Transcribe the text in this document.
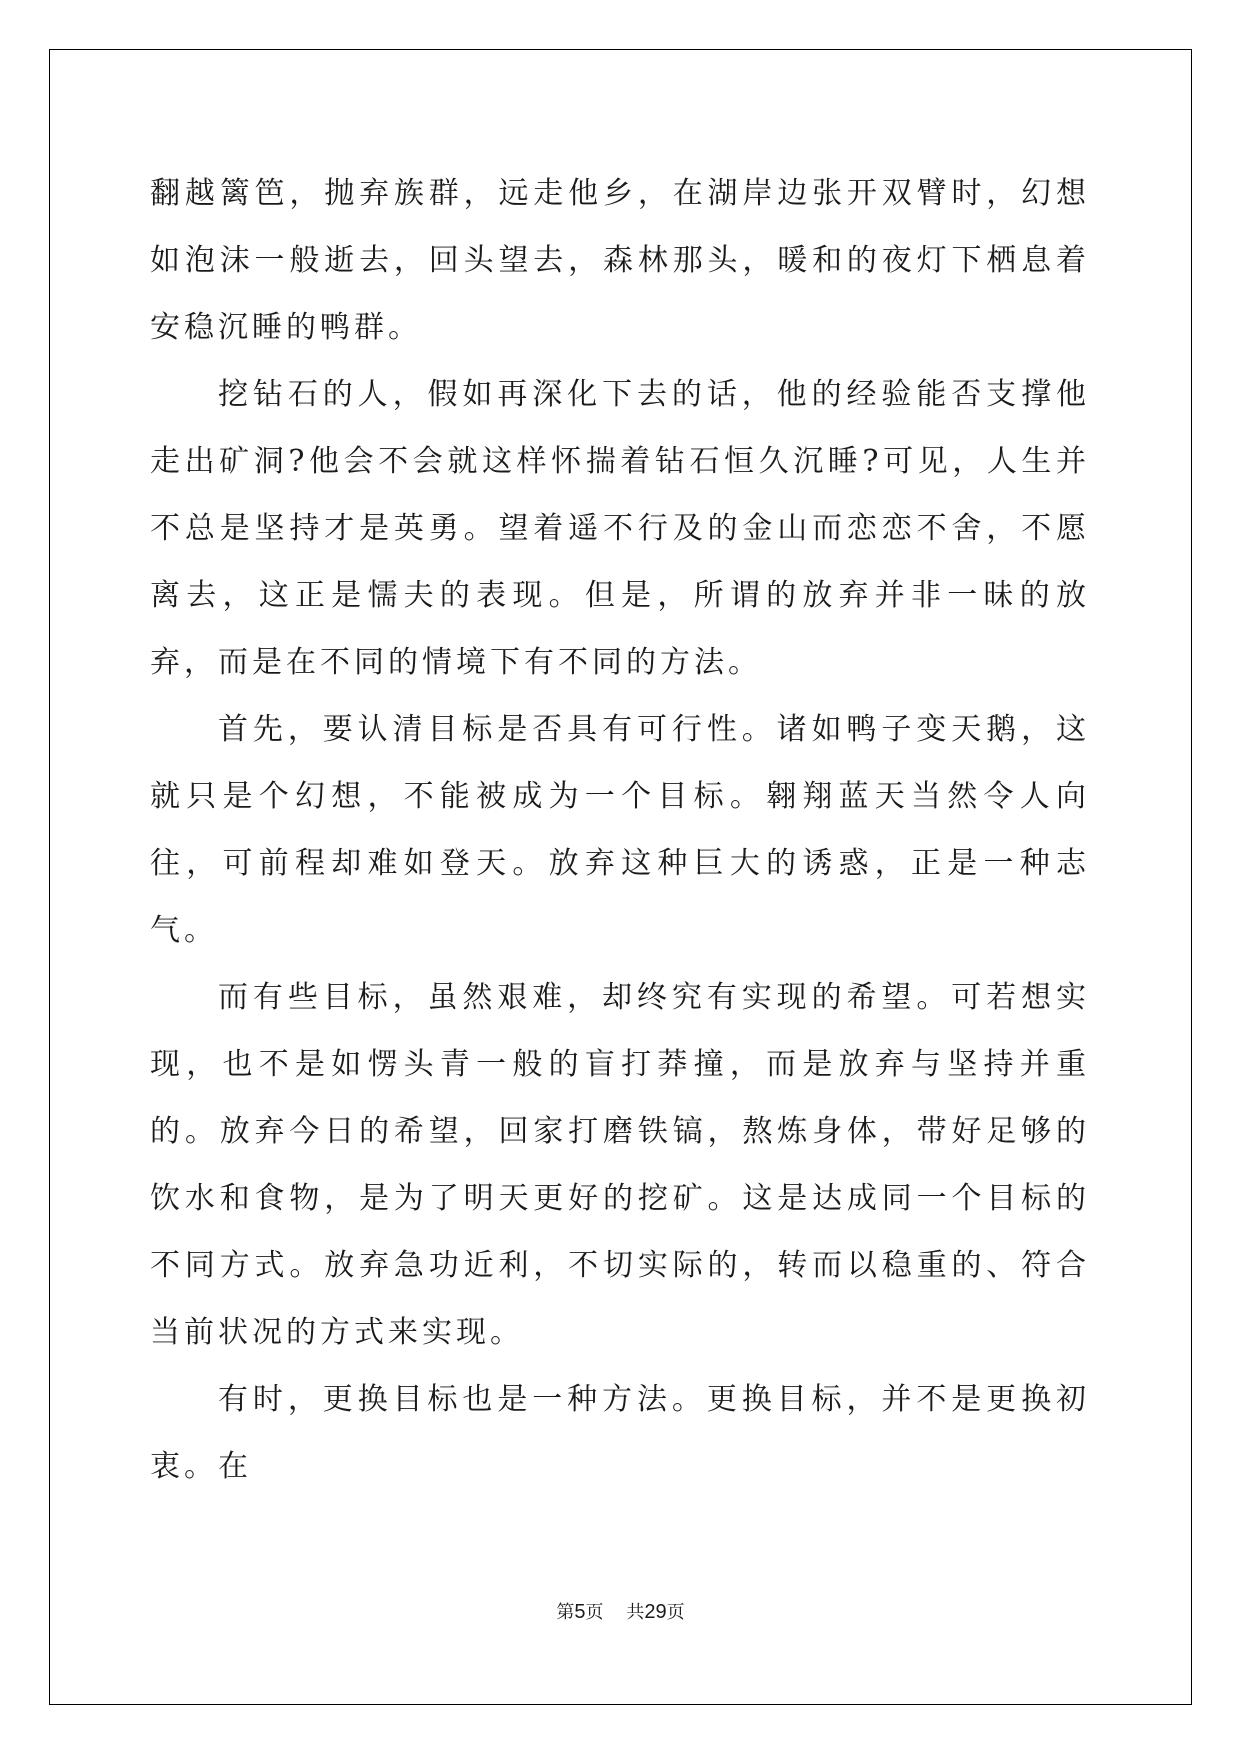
翻越篱笆，抛弃族群，远走他乡，在湖岸边张开双臂时，幻想如泡沫一般逝去，回头望去，森林那头，暖和的夜灯下栖息着安稳沉睡的鸭群。

挖钻石的人，假如再深化下去的话，他的经验能否支撑他走出矿洞?他会不会就这样怀揣着钻石恒久沉睡?可见，人生并不总是坚持才是英勇。望着遥不行及的金山而恋恋不舍，不愿离去，这正是懦夫的表现。但是，所谓的放弃并非一昧的放弃，而是在不同的情境下有不同的方法。

首先，要认清目标是否具有可行性。诸如鸭子变天鹅，这就只是个幻想，不能被成为一个目标。翱翔蓝天当然令人向往，可前程却难如登天。放弃这种巨大的诱惑，正是一种志气。

而有些目标，虽然艰难，却终究有实现的希望。可若想实现，也不是如愣头青一般的盲打莽撞，而是放弃与坚持并重的。放弃今日的希望，回家打磨铁镐，熬炼身体，带好足够的饮水和食物，是为了明天更好的挖矿。这是达成同一个目标的不同方式。放弃急功近利，不切实际的，转而以稳重的、符合当前状况的方式来实现。

有时，更换目标也是一种方法。更换目标，并不是更换初衷。在

第5页 共29页
